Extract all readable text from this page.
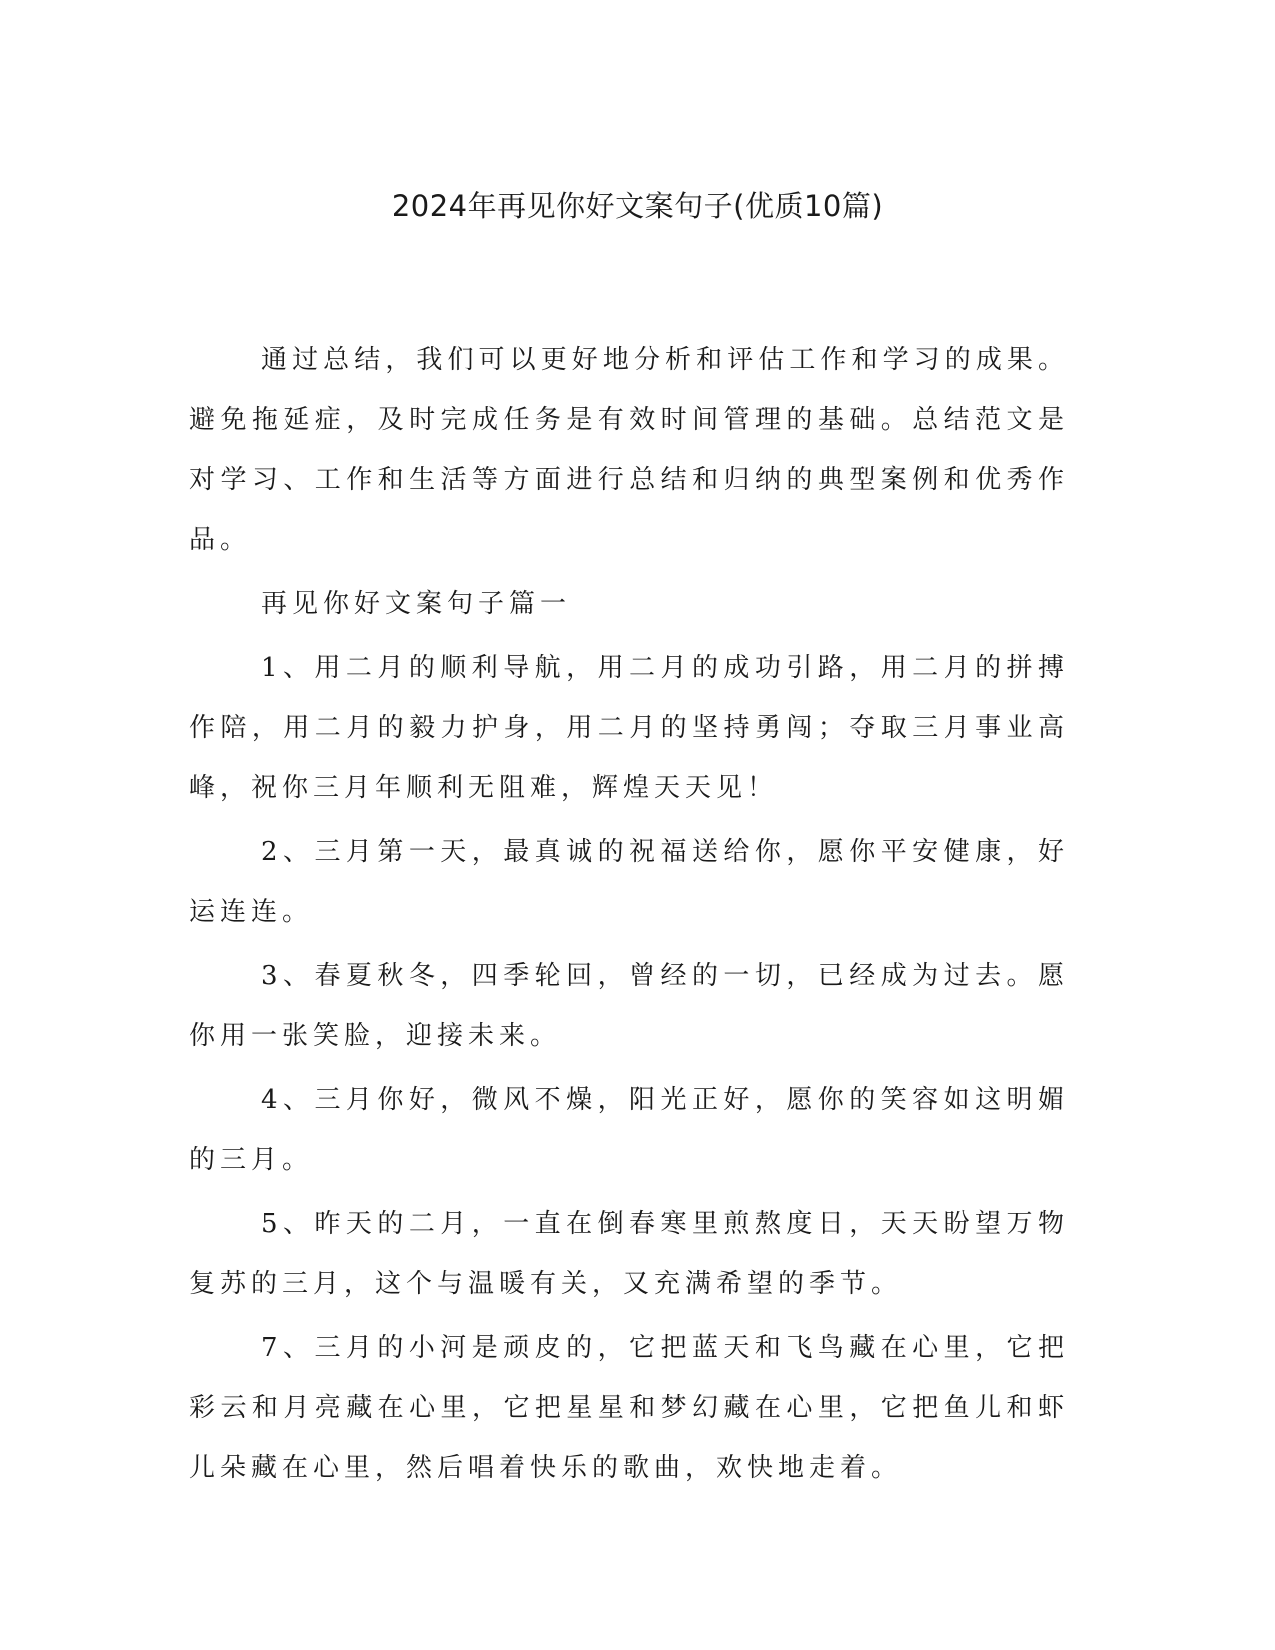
2024年再见你好文案句子(优质10篇)

通过总结，我们可以更好地分析和评估工作和学习的成果。避免拖延症，及时完成任务是有效时间管理的基础。总结范文是对学习、工作和生活等方面进行总结和归纳的典型案例和优秀作品。

再见你好文案句子篇一

1、用二月的顺利导航，用二月的成功引路，用二月的拼搏作陪，用二月的毅力护身，用二月的坚持勇闯；夺取三月事业高峰，祝你三月年顺利无阻难，辉煌天天见！

2、三月第一天，最真诚的祝福送给你，愿你平安健康，好运连连。

3、春夏秋冬，四季轮回，曾经的一切，已经成为过去。愿你用一张笑脸，迎接未来。

4、三月你好，微风不燥，阳光正好，愿你的笑容如这明媚的三月。

5、昨天的二月，一直在倒春寒里煎熬度日，天天盼望万物复苏的三月，这个与温暖有关，又充满希望的季节。

7、三月的小河是顽皮的，它把蓝天和飞鸟藏在心里，它把彩云和月亮藏在心里，它把星星和梦幻藏在心里，它把鱼儿和虾儿朵藏在心里，然后唱着快乐的歌曲，欢快地走着。
